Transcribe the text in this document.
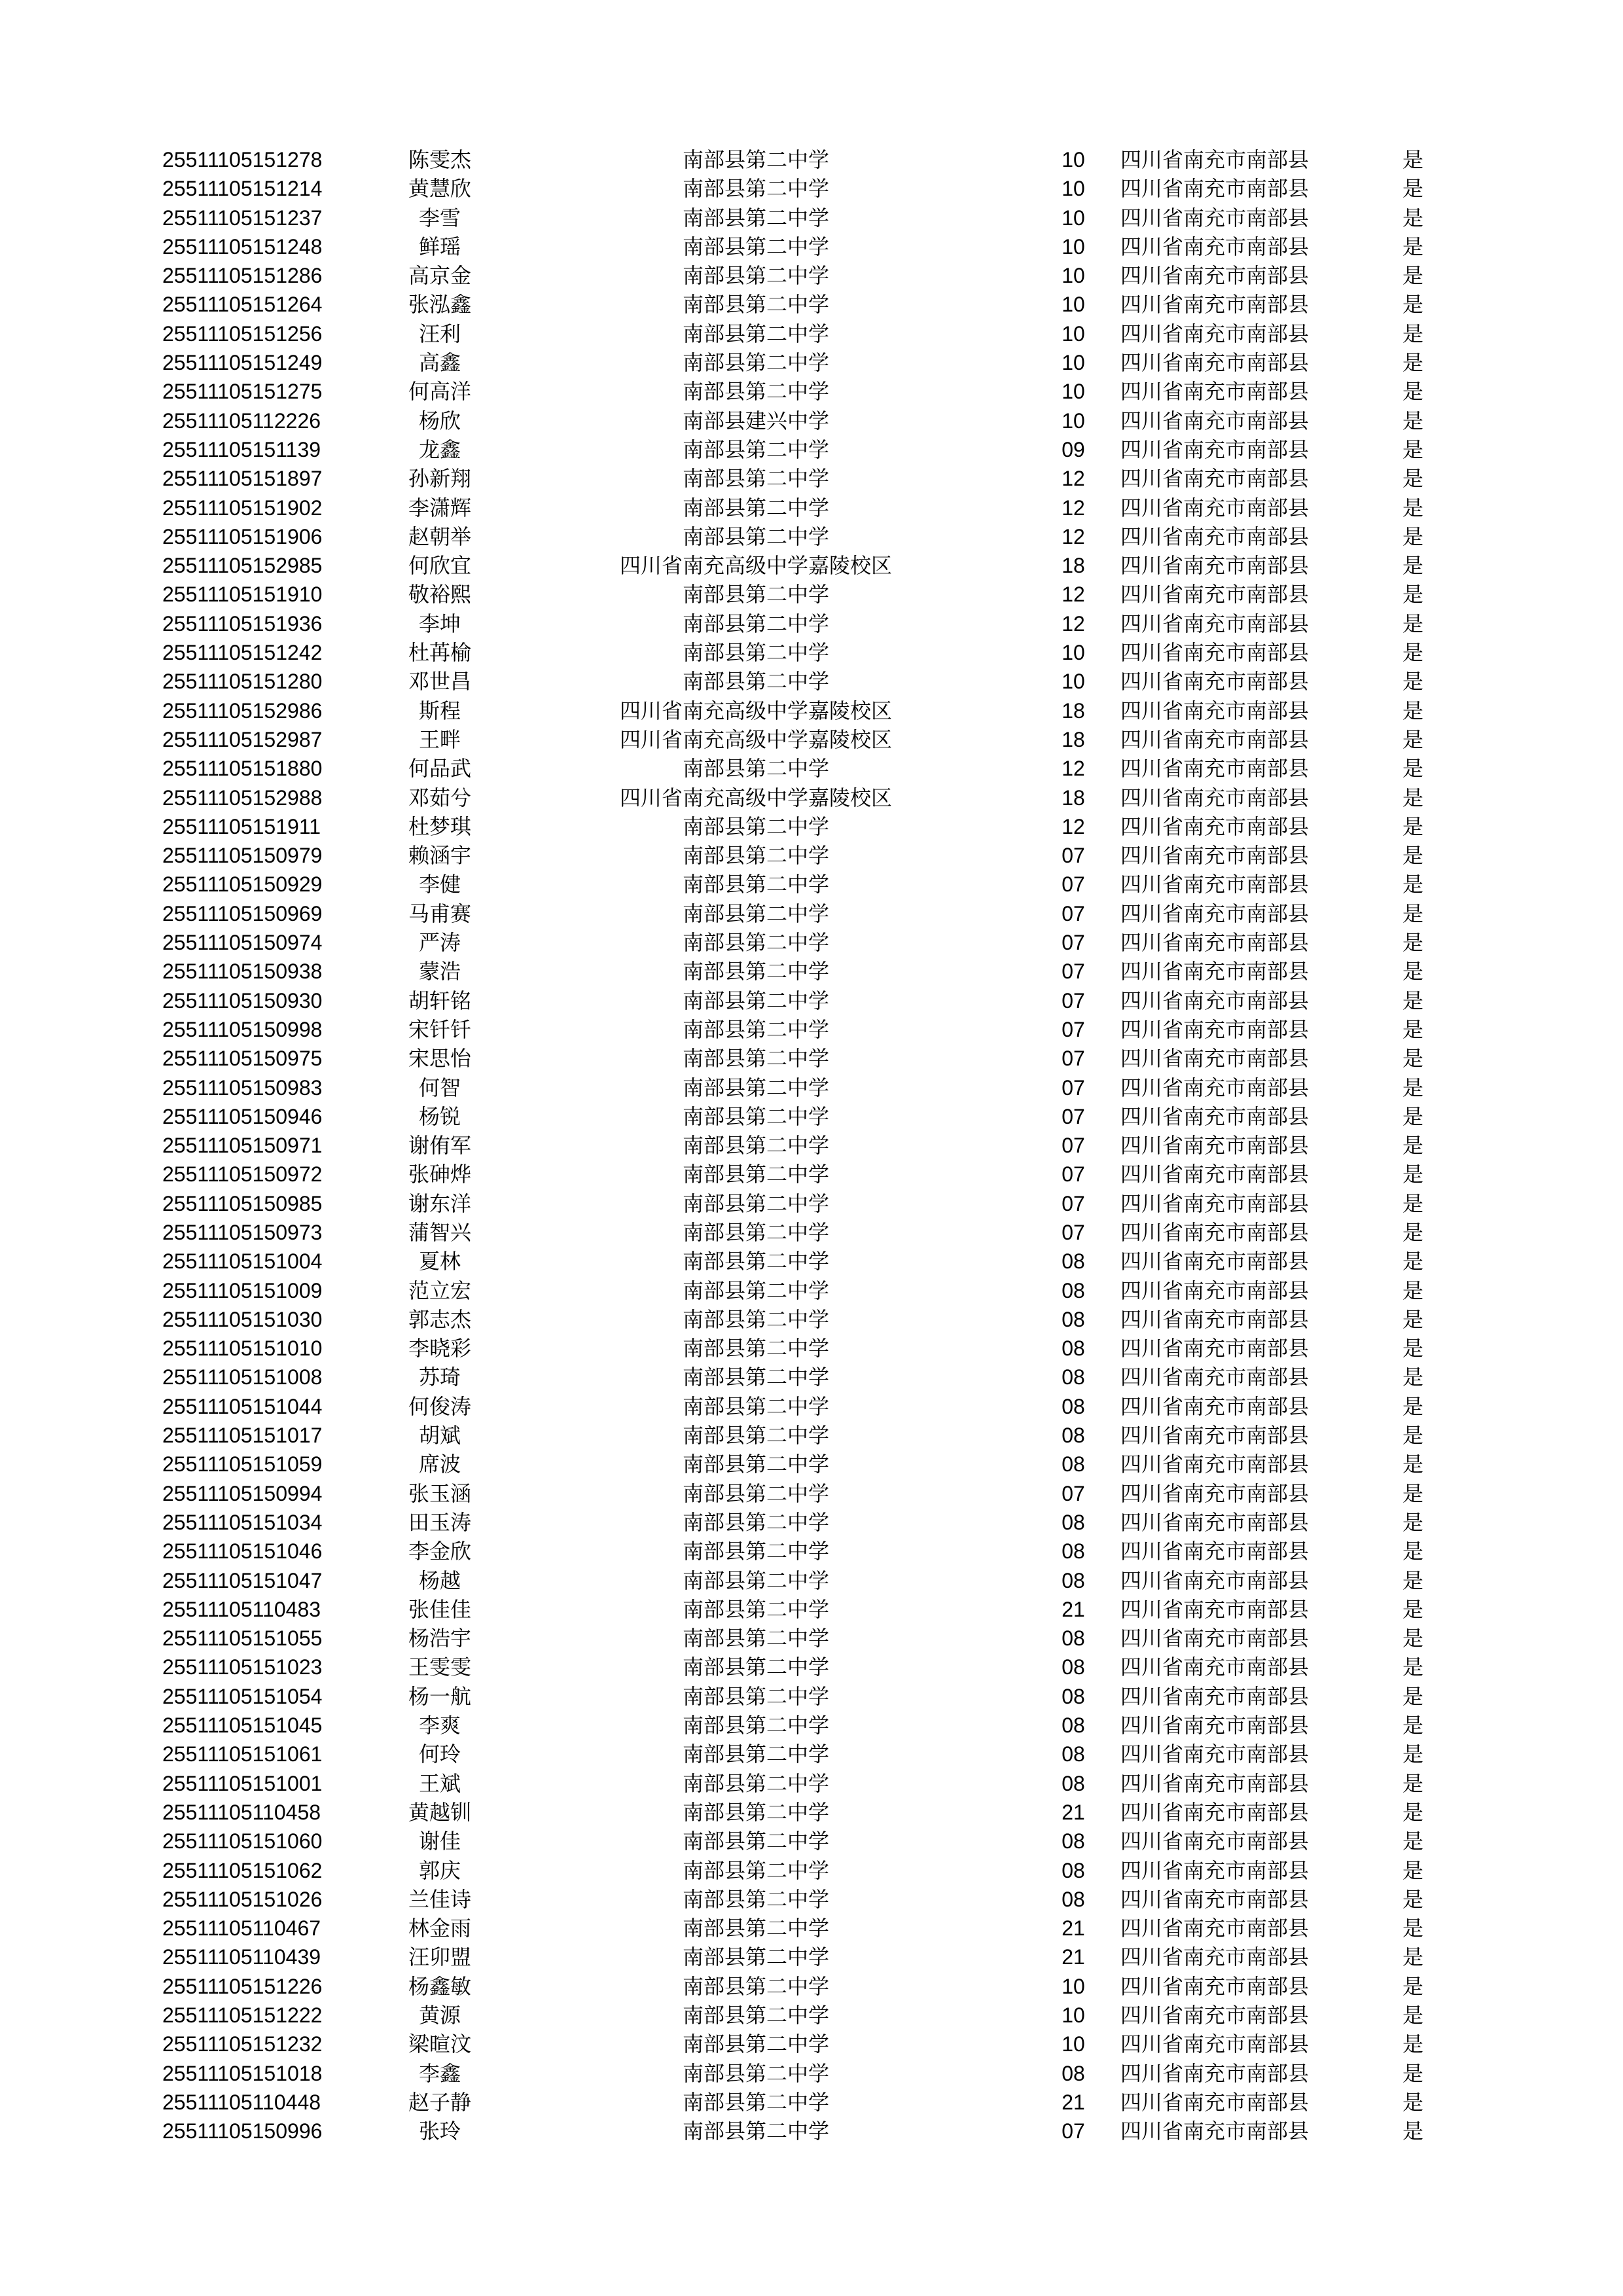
25511105151278	陈雯杰	南部县第二中学	10 四川省南充市南部县	是
25511105151214	黄慧欣	南部县第二中学	10 四川省南充市南部县	是
25511105151237	李雪	南部县第二中学	10 四川省南充市南部县	是
25511105151248	鲜瑶	南部县第二中学	10 四川省南充市南部县	是
25511105151286	高京金	南部县第二中学	10 四川省南充市南部县	是
25511105151264	张泓鑫	南部县第二中学	10 四川省南充市南部县	是
25511105151256	汪利	南部县第二中学	10 四川省南充市南部县	是
25511105151249	高鑫	南部县第二中学	10 四川省南充市南部县	是
25511105151275	何高洋	南部县第二中学	10 四川省南充市南部县	是
25511105112226	杨欣	南部县建兴中学	10 四川省南充市南部县	是
25511105151139	龙鑫	南部县第二中学	09 四川省南充市南部县	是
25511105151897	孙新翔	南部县第二中学	12 四川省南充市南部县	是
25511105151902	李潇辉	南部县第二中学	12 四川省南充市南部县	是
25511105151906	赵朝举	南部县第二中学	12 四川省南充市南部县	是
25511105152985	何欣宜	四川省南充高级中学嘉陵校区	18 四川省南充市南部县	是
25511105151910	敬裕熙	南部县第二中学	12 四川省南充市南部县	是
25511105151936	李坤	南部县第二中学	12 四川省南充市南部县	是
25511105151242	杜苒榆	南部县第二中学	10 四川省南充市南部县	是
25511105151280	邓世昌	南部县第二中学	10 四川省南充市南部县	是
25511105152986	斯程	四川省南充高级中学嘉陵校区	18 四川省南充市南部县	是
25511105152987	王畔	四川省南充高级中学嘉陵校区	18 四川省南充市南部县	是
25511105151880	何品武	南部县第二中学	12 四川省南充市南部县	是
25511105152988	邓茹兮	四川省南充高级中学嘉陵校区	18 四川省南充市南部县	是
25511105151911	杜梦琪	南部县第二中学	12 四川省南充市南部县	是
25511105150979	赖涵宇	南部县第二中学	07 四川省南充市南部县	是
25511105150929	李健	南部县第二中学	07 四川省南充市南部县	是
25511105150969	马甫赛	南部县第二中学	07 四川省南充市南部县	是
25511105150974	严涛	南部县第二中学	07 四川省南充市南部县	是
25511105150938	蒙浩	南部县第二中学	07 四川省南充市南部县	是
25511105150930	胡轩铭	南部县第二中学	07 四川省南充市南部县	是
25511105150998	宋钎钎	南部县第二中学	07 四川省南充市南部县	是
25511105150975	宋思怡	南部县第二中学	07 四川省南充市南部县	是
25511105150983	何智	南部县第二中学	07 四川省南充市南部县	是
25511105150946	杨锐	南部县第二中学	07 四川省南充市南部县	是
25511105150971	谢侑军	南部县第二中学	07 四川省南充市南部县	是
25511105150972	张砷烨	南部县第二中学	07 四川省南充市南部县	是
25511105150985	谢东洋	南部县第二中学	07 四川省南充市南部县	是
25511105150973	蒲智兴	南部县第二中学	07 四川省南充市南部县	是
25511105151004	夏林	南部县第二中学	08 四川省南充市南部县	是
25511105151009	范立宏	南部县第二中学	08 四川省南充市南部县	是
25511105151030	郭志杰	南部县第二中学	08 四川省南充市南部县	是
25511105151010	李晓彩	南部县第二中学	08 四川省南充市南部县	是
25511105151008	苏琦	南部县第二中学	08 四川省南充市南部县	是
25511105151044	何俊涛	南部县第二中学	08 四川省南充市南部县	是
25511105151017	胡斌	南部县第二中学	08 四川省南充市南部县	是
25511105151059	席波	南部县第二中学	08 四川省南充市南部县	是
25511105150994	张玉涵	南部县第二中学	07 四川省南充市南部县	是
25511105151034	田玉涛	南部县第二中学	08 四川省南充市南部县	是
25511105151046	李金欣	南部县第二中学	08 四川省南充市南部县	是
25511105151047	杨越	南部县第二中学	08 四川省南充市南部县	是
25511105110483	张佳佳	南部县第二中学	21 四川省南充市南部县	是
25511105151055	杨浩宇	南部县第二中学	08 四川省南充市南部县	是
25511105151023	王雯雯	南部县第二中学	08 四川省南充市南部县	是
25511105151054	杨一航	南部县第二中学	08 四川省南充市南部县	是
25511105151045	李爽	南部县第二中学	08 四川省南充市南部县	是
25511105151061	何玲	南部县第二中学	08 四川省南充市南部县	是
25511105151001	王斌	南部县第二中学	08 四川省南充市南部县	是
25511105110458	黄越钏	南部县第二中学	21 四川省南充市南部县	是
25511105151060	谢佳	南部县第二中学	08 四川省南充市南部县	是
25511105151062	郭庆	南部县第二中学	08 四川省南充市南部县	是
25511105151026	兰佳诗	南部县第二中学	08 四川省南充市南部县	是
25511105110467	林金雨	南部县第二中学	21 四川省南充市南部县	是
25511105110439	汪卯盟	南部县第二中学	21 四川省南充市南部县	是
25511105151226	杨鑫敏	南部县第二中学	10 四川省南充市南部县	是
25511105151222	黄源	南部县第二中学	10 四川省南充市南部县	是
25511105151232	梁暄汶	南部县第二中学	10 四川省南充市南部县	是
25511105151018	李鑫	南部县第二中学	08 四川省南充市南部县	是
25511105110448	赵子静	南部县第二中学	21 四川省南充市南部县	是
25511105150996	张玲	南部县第二中学	07 四川省南充市南部县	是
